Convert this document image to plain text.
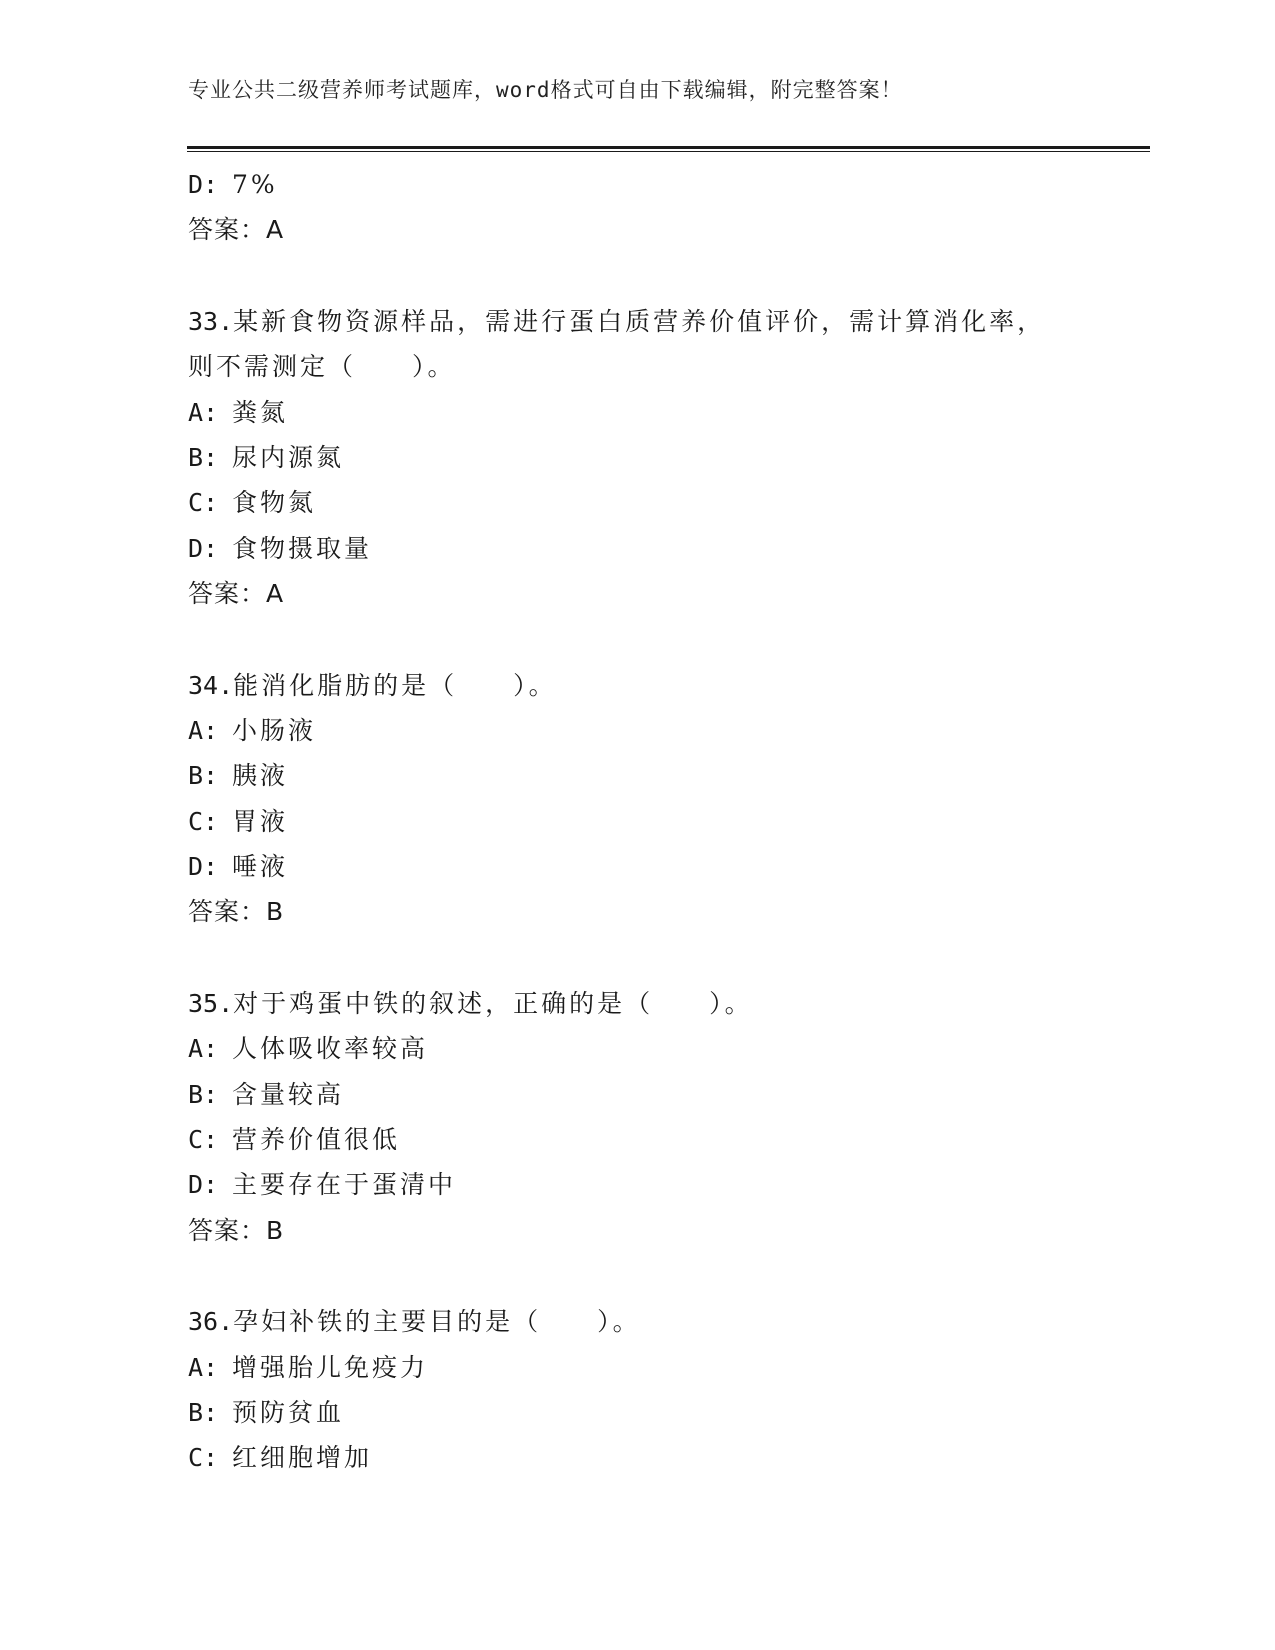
专业公共二级营养师考试题库，word格式可自由下载编辑，附完整答案！
D: 7%
答案：A
33.某新食物资源样品，需进行蛋白质营养价值评价，需计算消化率，
则不需测定（　　）。
A: 粪氮
B: 尿内源氮
C: 食物氮
D: 食物摄取量
答案：A
34.能消化脂肪的是（　　）。
A: 小肠液
B: 胰液
C: 胃液
D: 唾液
答案：B
35.对于鸡蛋中铁的叙述，正确的是（　　）。
A: 人体吸收率较高
B: 含量较高
C: 营养价值很低
D: 主要存在于蛋清中
答案：B
36.孕妇补铁的主要目的是（　　）。
A: 增强胎儿免疫力
B: 预防贫血
C: 红细胞增加
